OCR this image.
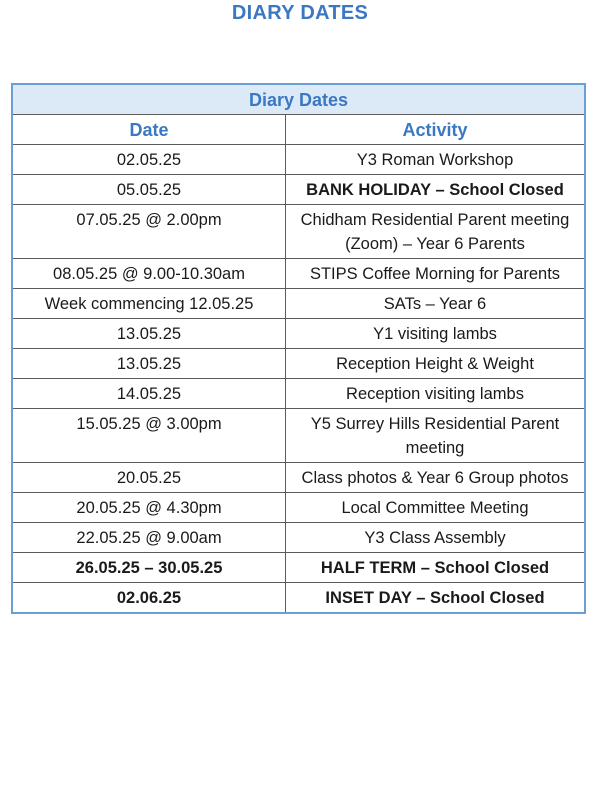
DIARY DATES
Diary Dates	
Date	Activity
02.05.25	Y3 Roman Workshop
05.05.25	BANK HOLIDAY – School Closed
07.05.25 @ 2.00pm	Chidham Residential Parent meeting (Zoom) – Year 6 Parents
08.05.25 @ 9.00-10.30am	STIPS Coffee Morning for Parents
Week commencing 12.05.25	SATs – Year 6
13.05.25	Y1 visiting lambs
13.05.25	Reception Height & Weight
14.05.25	Reception visiting lambs
15.05.25 @ 3.00pm	Y5 Surrey Hills Residential Parent meeting
20.05.25	Class photos & Year 6 Group photos
20.05.25 @ 4.30pm	Local Committee Meeting
22.05.25 @ 9.00am	Y3 Class Assembly
26.05.25 – 30.05.25	HALF TERM – School Closed
02.06.25	INSET DAY – School Closed
